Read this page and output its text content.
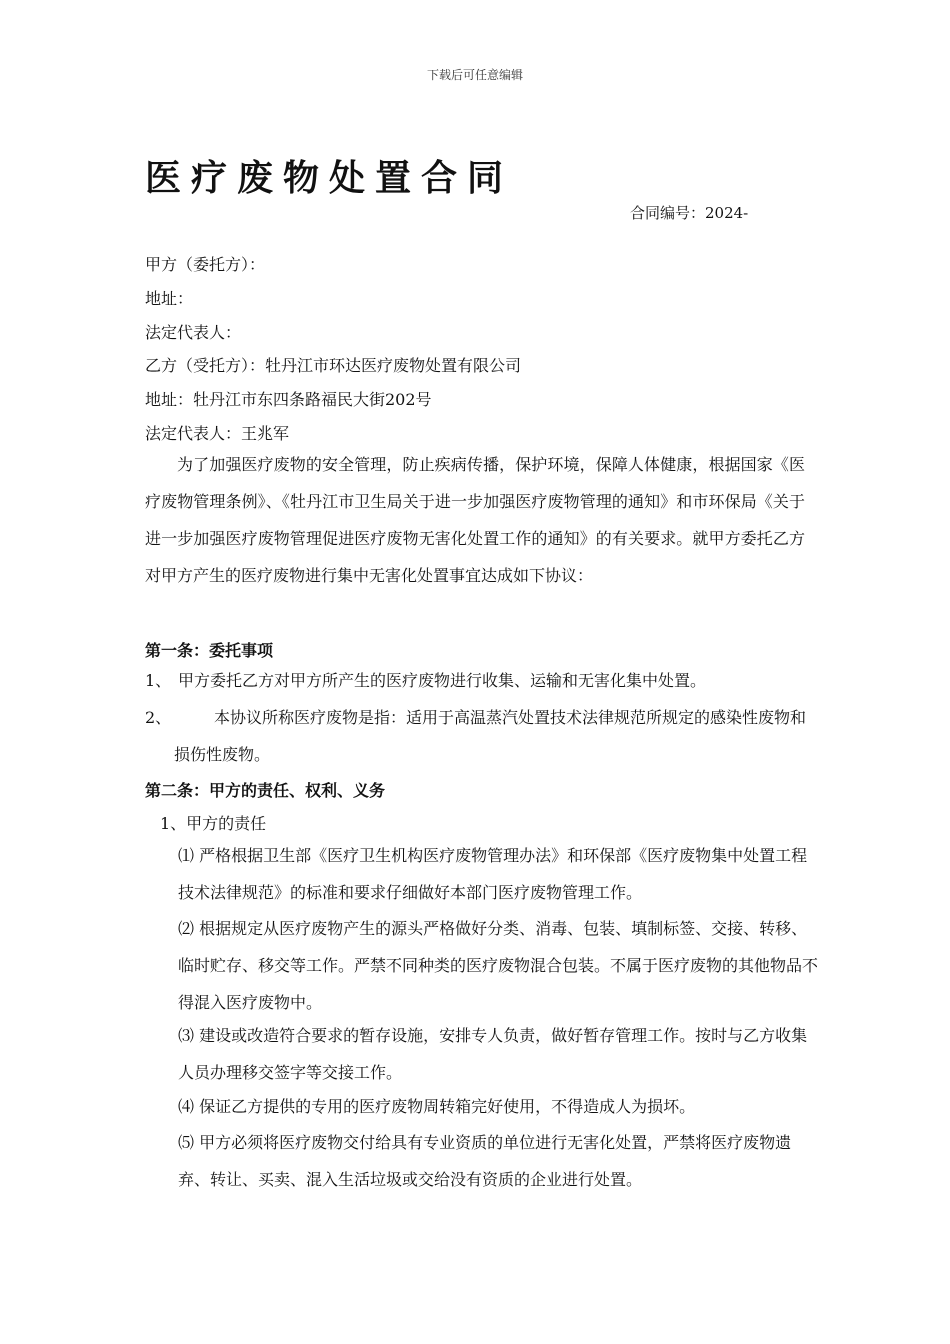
下载后可任意编辑
医疗废物处置合同
合同编号：2024-
甲方（委托方）：
地址：
法定代表人：
乙方（受托方）：牡丹江市环达医疗废物处置有限公司
地址：牡丹江市东四条路福民大街202号
法定代表人：王兆军
为了加强医疗废物的安全管理，防止疾病传播，保护环境，保障人体健康，根据国家《医疗废物管理条例》、《牡丹江市卫生局关于进一步加强医疗废物管理的通知》和市环保局《关于进一步加强医疗废物管理促进医疗废物无害化处置工作的通知》的有关要求。就甲方委托乙方对甲方产生的医疗废物进行集中无害化处置事宜达成如下协议：
第一条：委托事项
1、 甲方委托乙方对甲方所产生的医疗废物进行收集、运输和无害化集中处置。
2、	本协议所称医疗废物是指：适用于高温蒸汽处置技术法律规范所规定的感染性废物和损伤性废物。
第二条：甲方的责任、权利、义务
1、甲方的责任
⑴ 严格根据卫生部《医疗卫生机构医疗废物管理办法》和环保部《医疗废物集中处置工程技术法律规范》的标准和要求仔细做好本部门医疗废物管理工作。
⑵ 根据规定从医疗废物产生的源头严格做好分类、消毒、包装、填制标签、交接、转移、临时贮存、移交等工作。严禁不同种类的医疗废物混合包装。不属于医疗废物的其他物品不得混入医疗废物中。
⑶ 建设或改造符合要求的暂存设施，安排专人负责，做好暂存管理工作。按时与乙方收集人员办理移交签字等交接工作。
⑷ 保证乙方提供的专用的医疗废物周转箱完好使用，不得造成人为损坏。
⑸ 甲方必须将医疗废物交付给具有专业资质的单位进行无害化处置，严禁将医疗废物遗弃、转让、买卖、混入生活垃圾或交给没有资质的企业进行处置。
